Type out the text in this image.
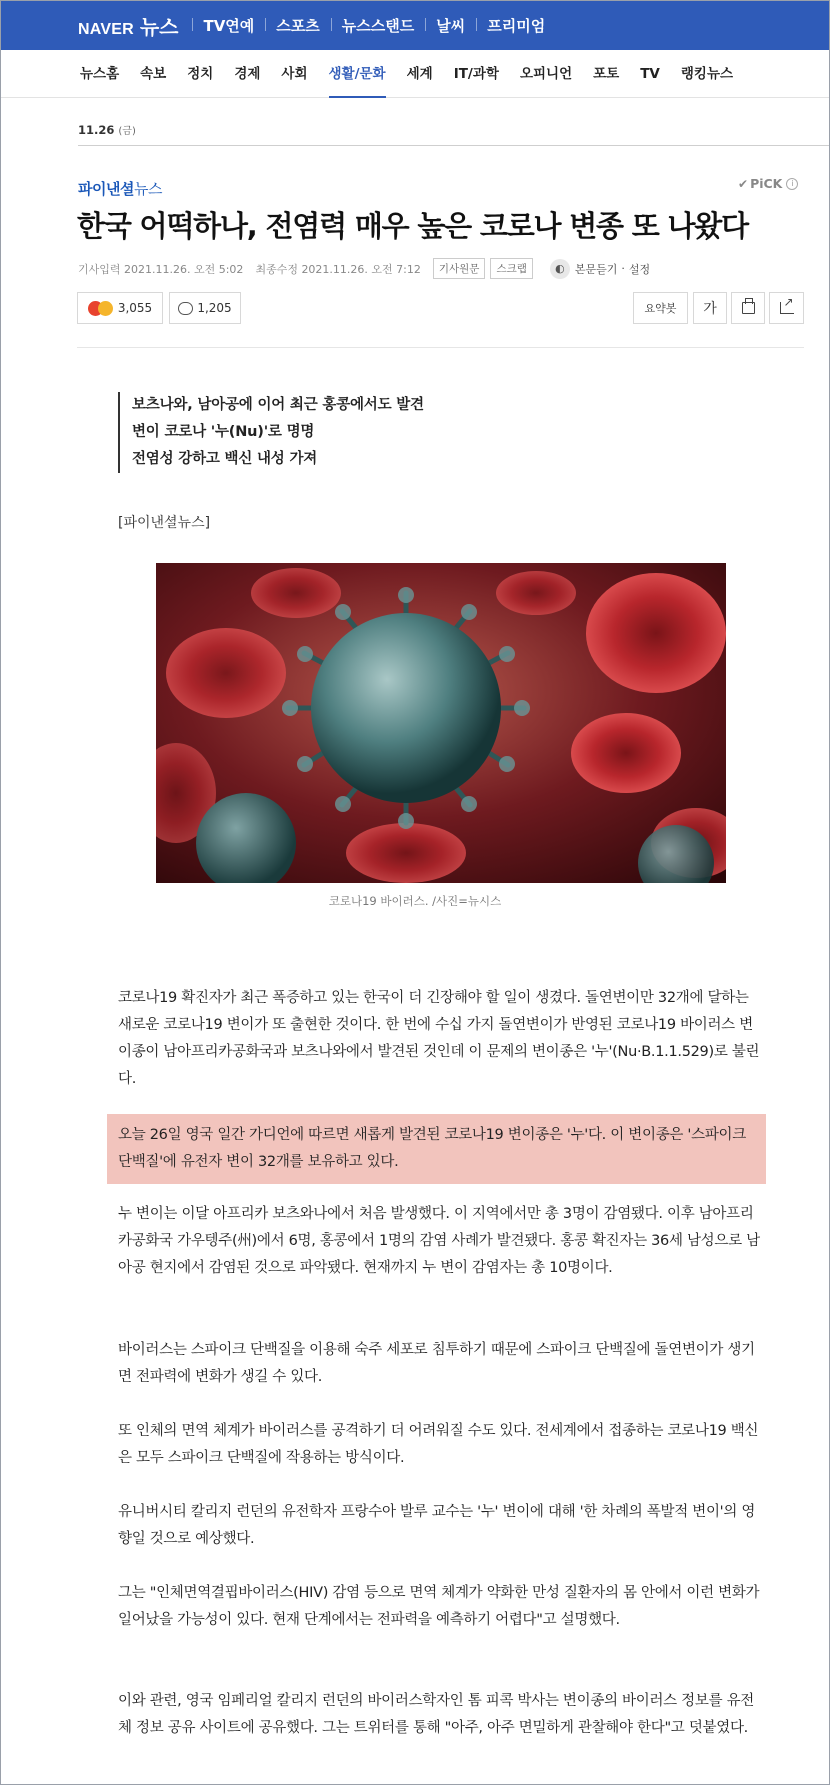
NAVER 뉴스	TV연예	스포츠	뉴스스탠드	날씨	프리미엄
뉴스홈 속보 정치 경제 사회 생활/문화 세계 IT/과학 오피니언 포토 TV 랭킹뉴스
11.26 (금)
파이낸셜뉴스	✔ PiCK	i
한국 어떡하나, 전염력 매우 높은 코로나 변종 또 나왔다
기사입력 2021.11.26. 오전 5:02 최종수정 2021.11.26. 오전 7:12	기사원문	스크랩	◐ 본문듣기 · 설정
3,055	1,205	요약봇	가
↗
보츠나와, 남아공에 이어 최근 홍콩에서도 발견
변이 코로나 '누(Nu)'로 명명
전염성 강하고 백신 내성 가져
[파이낸셜뉴스]
코로나19 바이러스. /사진=뉴시스

코로나19 확진자가 최근 폭증하고 있는 한국이 더 긴장해야 할 일이 생겼다. 돌연변이만 32개에 달하는 새로운 코로나19 변이가 또 출현한 것이다. 한 번에 수십 가지 돌연변이가 반영된 코로나19 바이러스 변이종이 남아프리카공화국과 보츠나와에서 발견된 것인데 이 문제의 변이종은 '누'(Nu·B.1.1.529)로 불린다.

오늘 26일 영국 일간 가디언에 따르면 새롭게 발견된 코로나19 변이종은 '누'다. 이 변이종은 '스파이크 단백질'에 유전자 변이 32개를 보유하고 있다.

누 변이는 이달 아프리카 보츠와나에서 처음 발생했다. 이 지역에서만 총 3명이 감염됐다. 이후 남아프리카공화국 가우텡주(州)에서 6명, 홍콩에서 1명의 감염 사례가 발견됐다. 홍콩 확진자는 36세 남성으로 남아공 현지에서 감염된 것으로 파악됐다. 현재까지 누 변이 감염자는 총 10명이다.

바이러스는 스파이크 단백질을 이용해 숙주 세포로 침투하기 때문에 스파이크 단백질에 돌연변이가 생기면 전파력에 변화가 생길 수 있다.

또 인체의 면역 체계가 바이러스를 공격하기 더 어려워질 수도 있다. 전세계에서 접종하는 코로나19 백신은 모두 스파이크 단백질에 작용하는 방식이다.

유니버시티 칼리지 런던의 유전학자 프랑수아 발루 교수는 '누' 변이에 대해 '한 차례의 폭발적 변이'의 영향일 것으로 예상했다.

그는 "인체면역결핍바이러스(HIV) 감염 등으로 면역 체계가 약화한 만성 질환자의 몸 안에서 이런 변화가 일어났을 가능성이 있다. 현재 단계에서는 전파력을 예측하기 어렵다"고 설명했다.

이와 관련, 영국 임페리얼 칼리지 런던의 바이러스학자인 톰 피콕 박사는 변이종의 바이러스 정보를 유전체 정보 공유 사이트에 공유했다. 그는 트위터를 통해 "아주, 아주 면밀하게 관찰해야 한다"고 덧붙였다.
